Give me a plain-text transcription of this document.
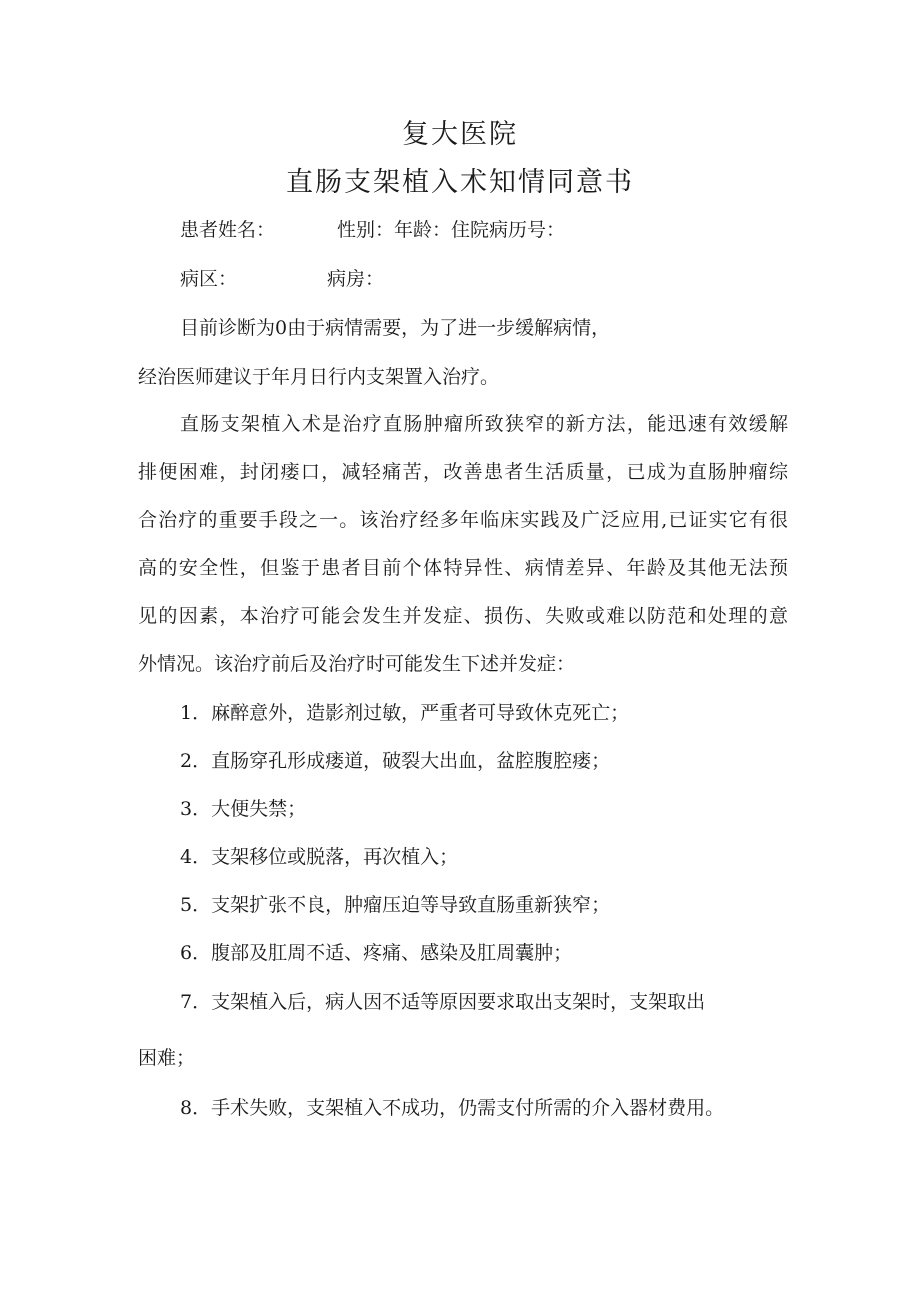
复大医院
直肠支架植入术知情同意书
患者姓名：	性别：年龄：住院病历号：
病区：	病房：
目前诊断为0由于病情需要，为了进一步缓解病情，
经治医师建议于年月日行内支架置入治疗。
直肠支架植入术是治疗直肠肿瘤所致狭窄的新方法，能迅速有效缓解
排便困难，封闭瘘口，减轻痛苦，改善患者生活质量，已成为直肠肿瘤综
合治疗的重要手段之一。该治疗经多年临床实践及广泛应用,已证实它有很
高的安全性，但鉴于患者目前个体特异性、病情差异、年龄及其他无法预
见的因素，本治疗可能会发生并发症、损伤、失败或难以防范和处理的意
外情况。该治疗前后及治疗时可能发生下述并发症：
1．麻醉意外，造影剂过敏，严重者可导致休克死亡；
2．直肠穿孔形成瘘道，破裂大出血，盆腔腹腔瘘；
3．大便失禁；
4．支架移位或脱落，再次植入；
5．支架扩张不良，肿瘤压迫等导致直肠重新狭窄；
6．腹部及肛周不适、疼痛、感染及肛周囊肿；
7．支架植入后，病人因不适等原因要求取出支架时，支架取出
困难；
8．手术失败，支架植入不成功，仍需支付所需的介入器材费用。
